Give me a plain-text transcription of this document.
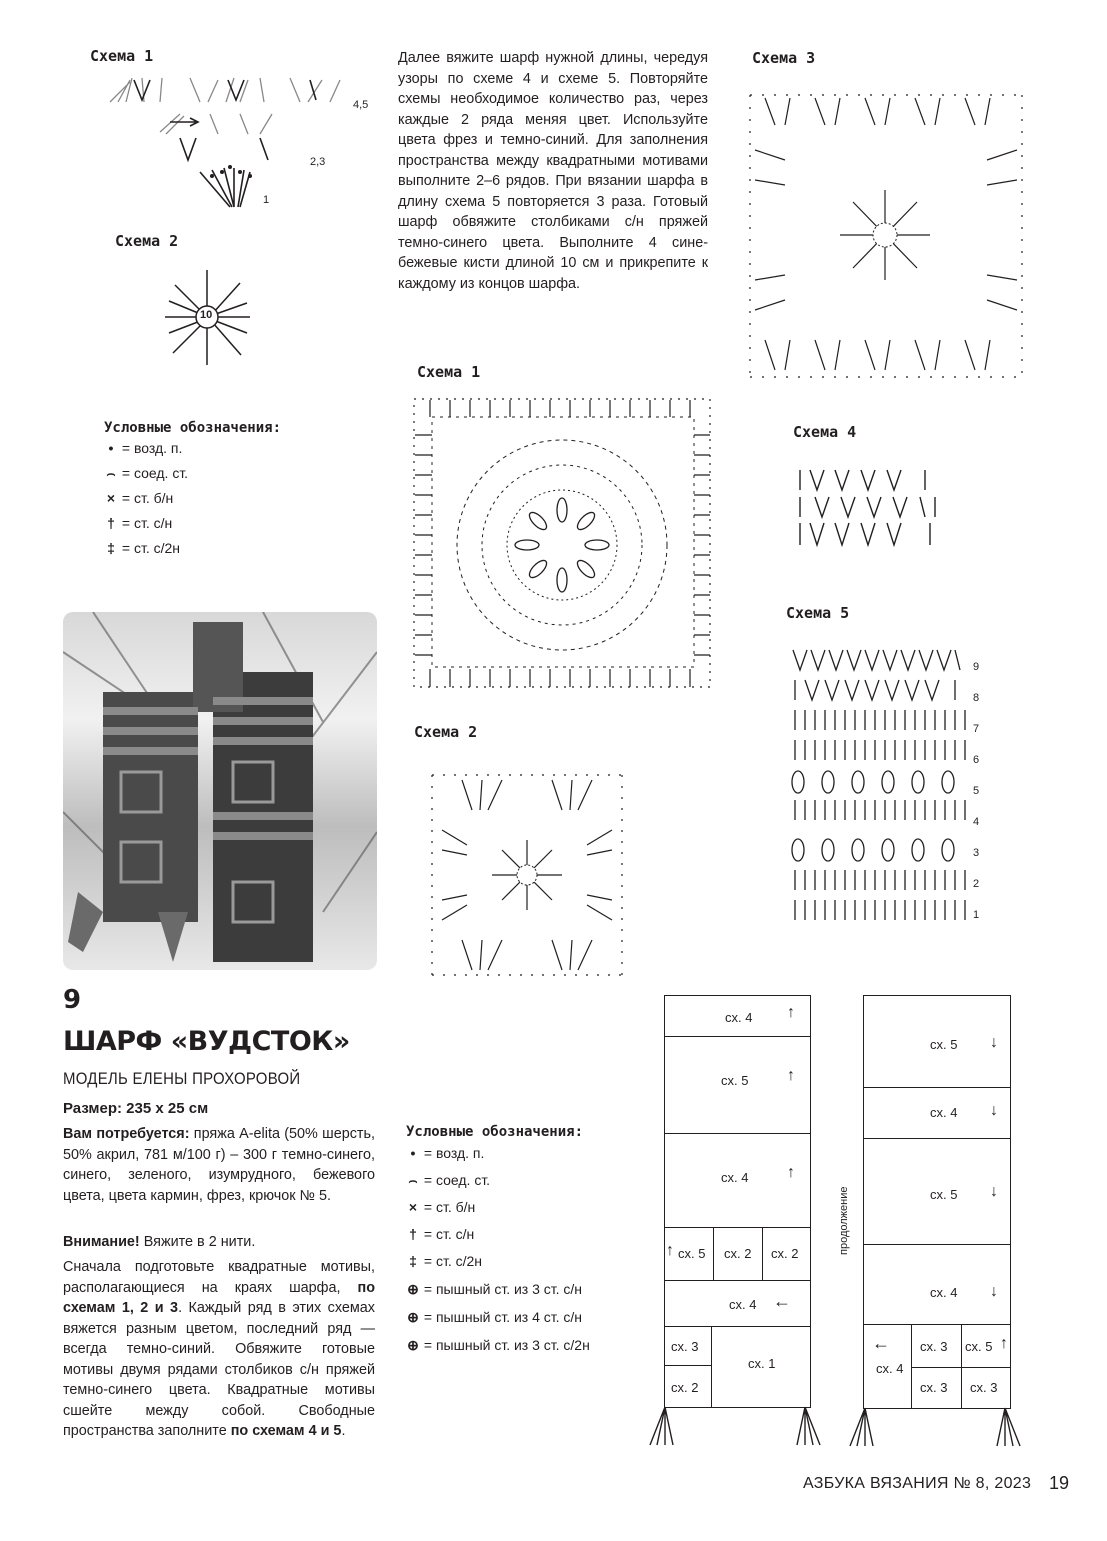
Схема 1
4,5
2,3
1
Схема 2
10
Условные обозначения:
• = возд. п.
⌢ = соед. ст.
× = ст. б/н
† = ст. с/н
‡ = ст. с/2н
Далее вяжите шарф нужной длины, чередуя узоры по схеме 4 и схеме 5. Повторяйте схемы необходимое количество раз, через каждые 2 ряда меняя цвет. Используйте цвета фрез и темно-синий. Для заполнения пространства между квадратными мотивами выполните 2–6 рядов. При вязании шарфа в длину схема 5 повторяется 3 раза. Готовый шарф обвяжите столбиками с/н пряжей темно-синего цвета. Выполните 4 сине-бежевые кисти длиной 10 см и прикрепите к каждому из концов шарфа.
Схема 1
Схема 2
Условные обозначения:
• = возд. п.
⌢ = соед. ст.
× = ст. б/н
† = ст. с/н
‡ = ст. с/2н
⊕ = пышный ст. из 3 ст. с/н
⊕ = пышный ст. из 4 ст. с/н
⊕ = пышный ст. из 3 ст. с/2н
Схема 3
Схема 4
Схема 5
9
8
7
6
5
4
3
2
1
9
ШАРФ «ВУДСТОК»
МОДЕЛЬ ЕЛЕНЫ ПРОХОРОВОЙ
Размер: 235 х 25 см
Вам потребуется: пряжа A-elita (50% шерсть, 50% акрил, 781 м/100 г) – 300 г темно-синего, синего, зеленого, изумрудного, бежевого цвета, цвета кармин, фрез, крючок № 5.
Внимание! Вяжите в 2 нити.
Сначала подготовьте квадратные мотивы, располагающиеся на краях шарфа, по схемам 1, 2 и 3. Каждый ряд в этих схемах вяжется разным цветом, последний ряд — всегда темно-синий. Обвяжите готовые мотивы двумя рядами столбиков с/н пряжей темно-синего цвета. Квадратные мотивы сшейте между собой. Свободные пространства заполните по схемам 4 и 5.
сх. 4 ↑
сх. 5 ↑
сх. 4 ↑
↑ сх. 5 сх. 2 сх. 2
сх. 4 ←
сх. 3
сх. 1
сх. 2
продолжение
сх. 5 ↓
сх. 4 ↓
сх. 5 ↓
сх. 4 ↓
←
сх. 4
сх. 3 сх. 5 ↑
сх. 3 сх. 3
АЗБУКА ВЯЗАНИЯ № 8, 2023 19
